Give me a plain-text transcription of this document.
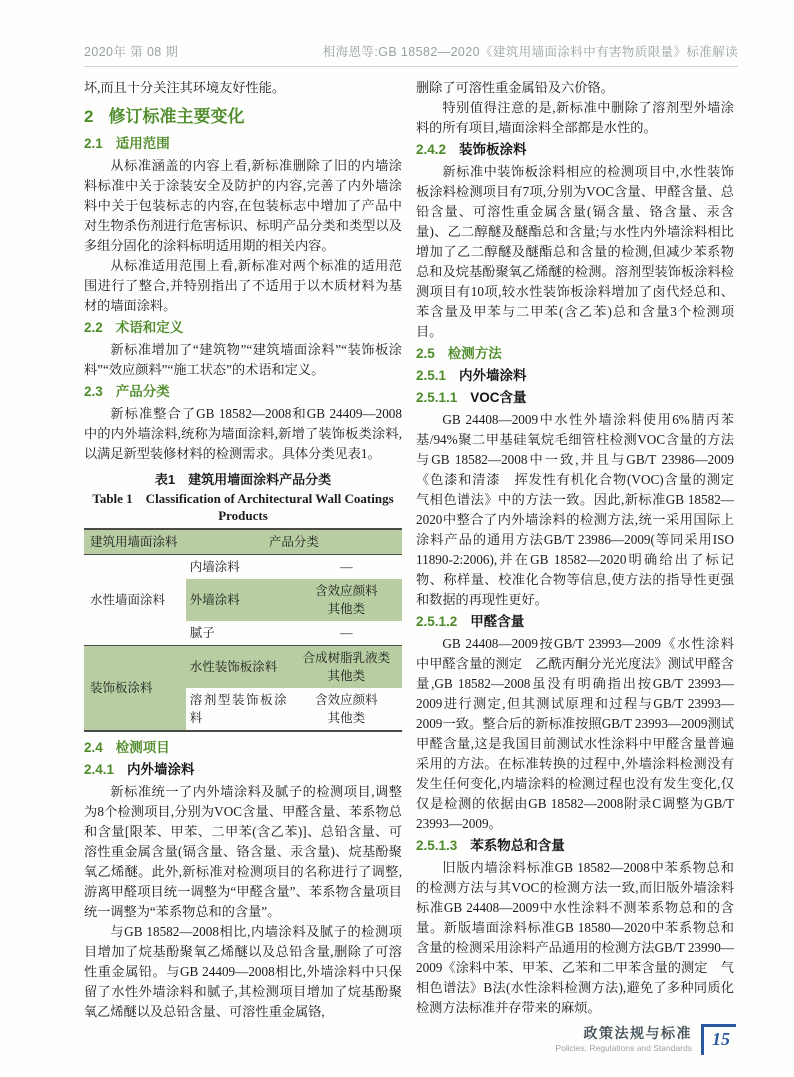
2020年 第 08 期	相海恩等:GB 18582—2020《建筑用墙面涂料中有害物质限量》标准解读

坏,而且十分关注其环境友好性能。

2 修订标准主要变化
2.1 适用范围

从标准涵盖的内容上看,新标准删除了旧的内墙涂料标准中关于涂装安全及防护的内容,完善了内外墙涂料中关于包装标志的内容,在包装标志中增加了产品中对生物杀伤剂进行危害标识、标明产品分类和类型以及多组分固化的涂料标明适用期的相关内容。

从标准适用范围上看,新标准对两个标准的适用范围进行了整合,并特别指出了不适用于以木质材料为基材的墙面涂料。

2.2 术语和定义

新标准增加了“建筑物”“建筑墙面涂料”“装饰板涂料”“效应颜料”“施工状态”的术语和定义。

2.3 产品分类

新标准整合了GB 18582—2008和GB 24409—2008中的内外墙涂料,统称为墙面涂料,新增了装饰板类涂料,以满足新型装修材料的检测需求。具体分类见表1。

表1　建筑用墙面涂料产品分类
Table 1    Classification of Architectural Wall Coatings
Products
建筑用墙面涂料	产品分类	
水性墙面涂料	内墙涂料	—
	外墙涂料	含效应颜料
其他类

	腻子	—
装饰板涂料	水性装饰板涂料	合成树脂乳液类
其他类

	溶剂型装饰板涂料	含效应颜料
其他类
2.4 检测项目
2.4.1 内外墙涂料

新标准统一了内外墙涂料及腻子的检测项目,调整为8个检测项目,分别为VOC含量、甲醛含量、苯系物总和含量[限苯、甲苯、二甲苯(含乙苯)]、总铅含量、可溶性重金属含量(镉含量、铬含量、汞含量)、烷基酚聚氧乙烯醚。此外,新标准对检测项目的名称进行了调整,游离甲醛项目统一调整为“甲醛含量”、苯系物含量项目统一调整为“苯系物总和的含量”。

与GB 18582—2008相比,内墙涂料及腻子的检测项目增加了烷基酚聚氧乙烯醚以及总铅含量,删除了可溶性重金属铅。与GB 24409—2008相比,外墙涂料中只保留了水性外墙涂料和腻子,其检测项目增加了烷基酚聚氧乙烯醚以及总铅含量、可溶性重金属铬,

删除了可溶性重金属铅及六价铬。

特别值得注意的是,新标准中删除了溶剂型外墙涂料的所有项目,墙面涂料全部都是水性的。

2.4.2 装饰板涂料

新标准中装饰板涂料相应的检测项目中,水性装饰板涂料检测项目有7项,分别为VOC含量、甲醛含量、总铅含量、可溶性重金属含量(镉含量、铬含量、汞含量)、乙二醇醚及醚酯总和含量;与水性内外墙涂料相比增加了乙二醇醚及醚酯总和含量的检测,但减少苯系物总和及烷基酚聚氧乙烯醚的检测。溶剂型装饰板涂料检测项目有10项,较水性装饰板涂料增加了卤代烃总和、苯含量及甲苯与二甲苯(含乙苯)总和含量3个检测项目。

2.5 检测方法
2.5.1 内外墙涂料
2.5.1.1 VOC含量

GB 24408—2009中水性外墙涂料使用6%腈丙苯基/94%聚二甲基硅氧烷毛细管柱检测VOC含量的方法与GB 18582—2008中一致,并且与GB/T 23986—2009《色漆和清漆　挥发性有机化合物(VOC)含量的测定　气相色谱法》中的方法一致。因此,新标准GB 18582—2020中整合了内外墙涂料的检测方法,统一采用国际上涂料产品的通用方法GB/T 23986—2009(等同采用ISO 11890-2:2006),并在GB 18582—2020明确给出了标记物、称样量、校准化合物等信息,使方法的指导性更强和数据的再现性更好。

2.5.1.2 甲醛含量

GB 24408—2009按GB/T 23993—2009《水性涂料中甲醛含量的测定　乙酰丙酮分光光度法》测试甲醛含量,GB 18582—2008虽没有明确指出按GB/T 23993—2009进行测定,但其测试原理和过程与GB/T 23993—2009一致。整合后的新标准按照GB/T 23993—2009测试甲醛含量,这是我国目前测试水性涂料中甲醛含量普遍采用的方法。在标准转换的过程中,外墙涂料检测没有发生任何变化,内墙涂料的检测过程也没有发生变化,仅仅是检测的依据由GB 18582—2008附录C调整为GB/T 23993—2009。

2.5.1.3 苯系物总和含量

旧版内墙涂料标准GB 18582—2008中苯系物总和的检测方法与其VOC的检测方法一致,而旧版外墙涂料标准GB 24408—2009中水性涂料不测苯系物总和的含量。新版墙面涂料标准GB 18580—2020中苯系物总和含量的检测采用涂料产品通用的检测方法GB/T 23990—2009《涂料中苯、甲苯、乙苯和二甲苯含量的测定　气相色谱法》B法(水性涂料检测方法),避免了多种同质化检测方法标准并存带来的麻烦。

政策法规与标准
Policies, Regulations and Standards	15
